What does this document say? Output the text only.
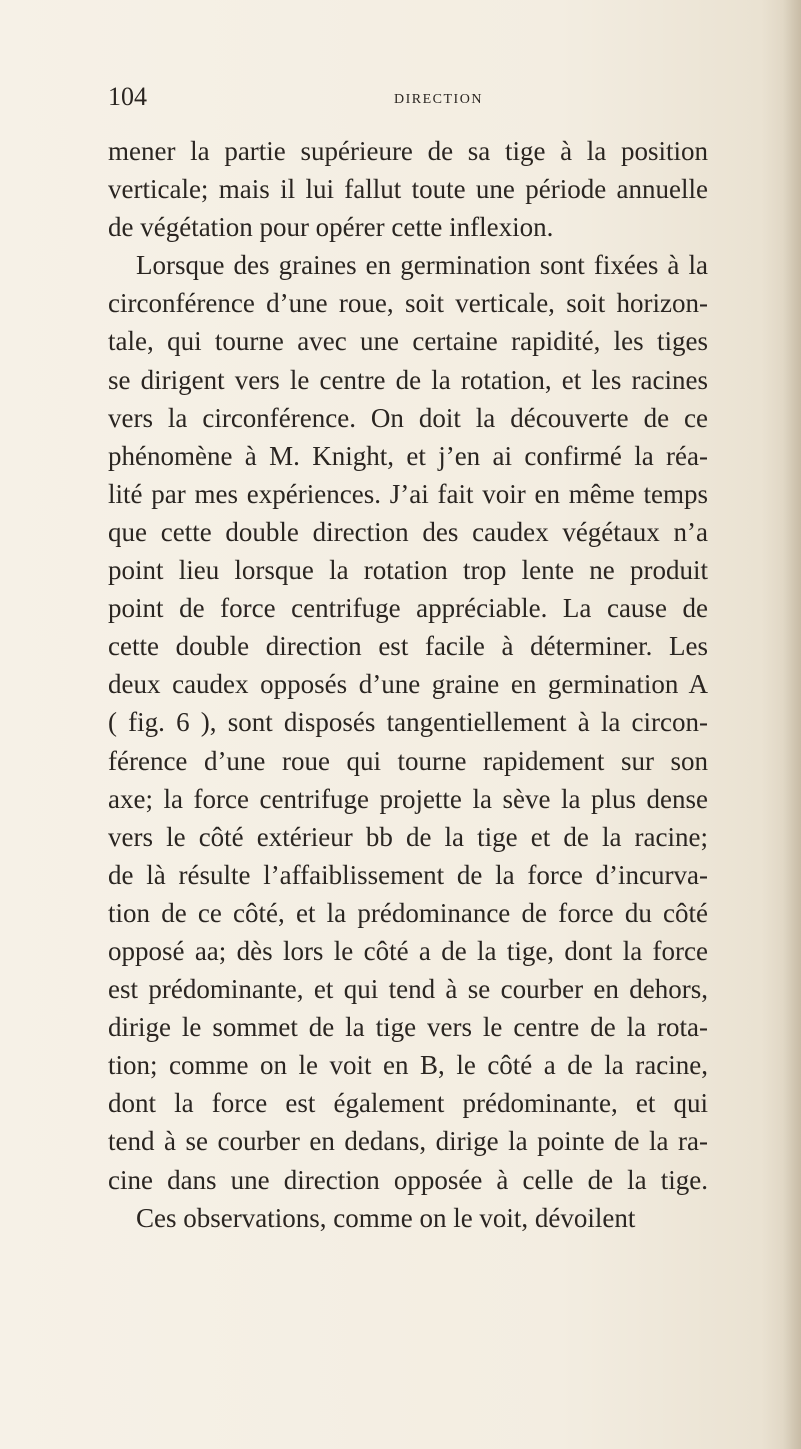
104	DIRECTION
mener la partie supérieure de sa tige à la position
verticale; mais il lui fallut toute une période annuelle
de végétation pour opérer cette inflexion.
Lorsque des graines en germination sont fixées à la
circonférence d’une roue, soit verticale, soit horizon-
tale, qui tourne avec une certaine rapidité, les tiges
se dirigent vers le centre de la rotation, et les racines
vers la circonférence. On doit la découverte de ce
phénomène à M. Knight, et j’en ai confirmé la réa-
lité par mes expériences. J’ai fait voir en même temps
que cette double direction des caudex végétaux n’a
point lieu lorsque la rotation trop lente ne produit
point de force centrifuge appréciable. La cause de
cette double direction est facile à déterminer. Les
deux caudex opposés d’une graine en germination A
( fig. 6 ), sont disposés tangentiellement à la circon-
férence d’une roue qui tourne rapidement sur son
axe; la force centrifuge projette la sève la plus dense
vers le côté extérieur bb de la tige et de la racine;
de là résulte l’affaiblissement de la force d’incurva-
tion de ce côté, et la prédominance de force du côté
opposé aa; dès lors le côté a de la tige, dont la force
est prédominante, et qui tend à se courber en dehors,
dirige le sommet de la tige vers le centre de la rota-
tion; comme on le voit en B, le côté a de la racine,
dont la force est également prédominante, et qui
tend à se courber en dedans, dirige la pointe de la ra-
cine dans une direction opposée à celle de la tige.
Ces observations, comme on le voit, dévoilent
